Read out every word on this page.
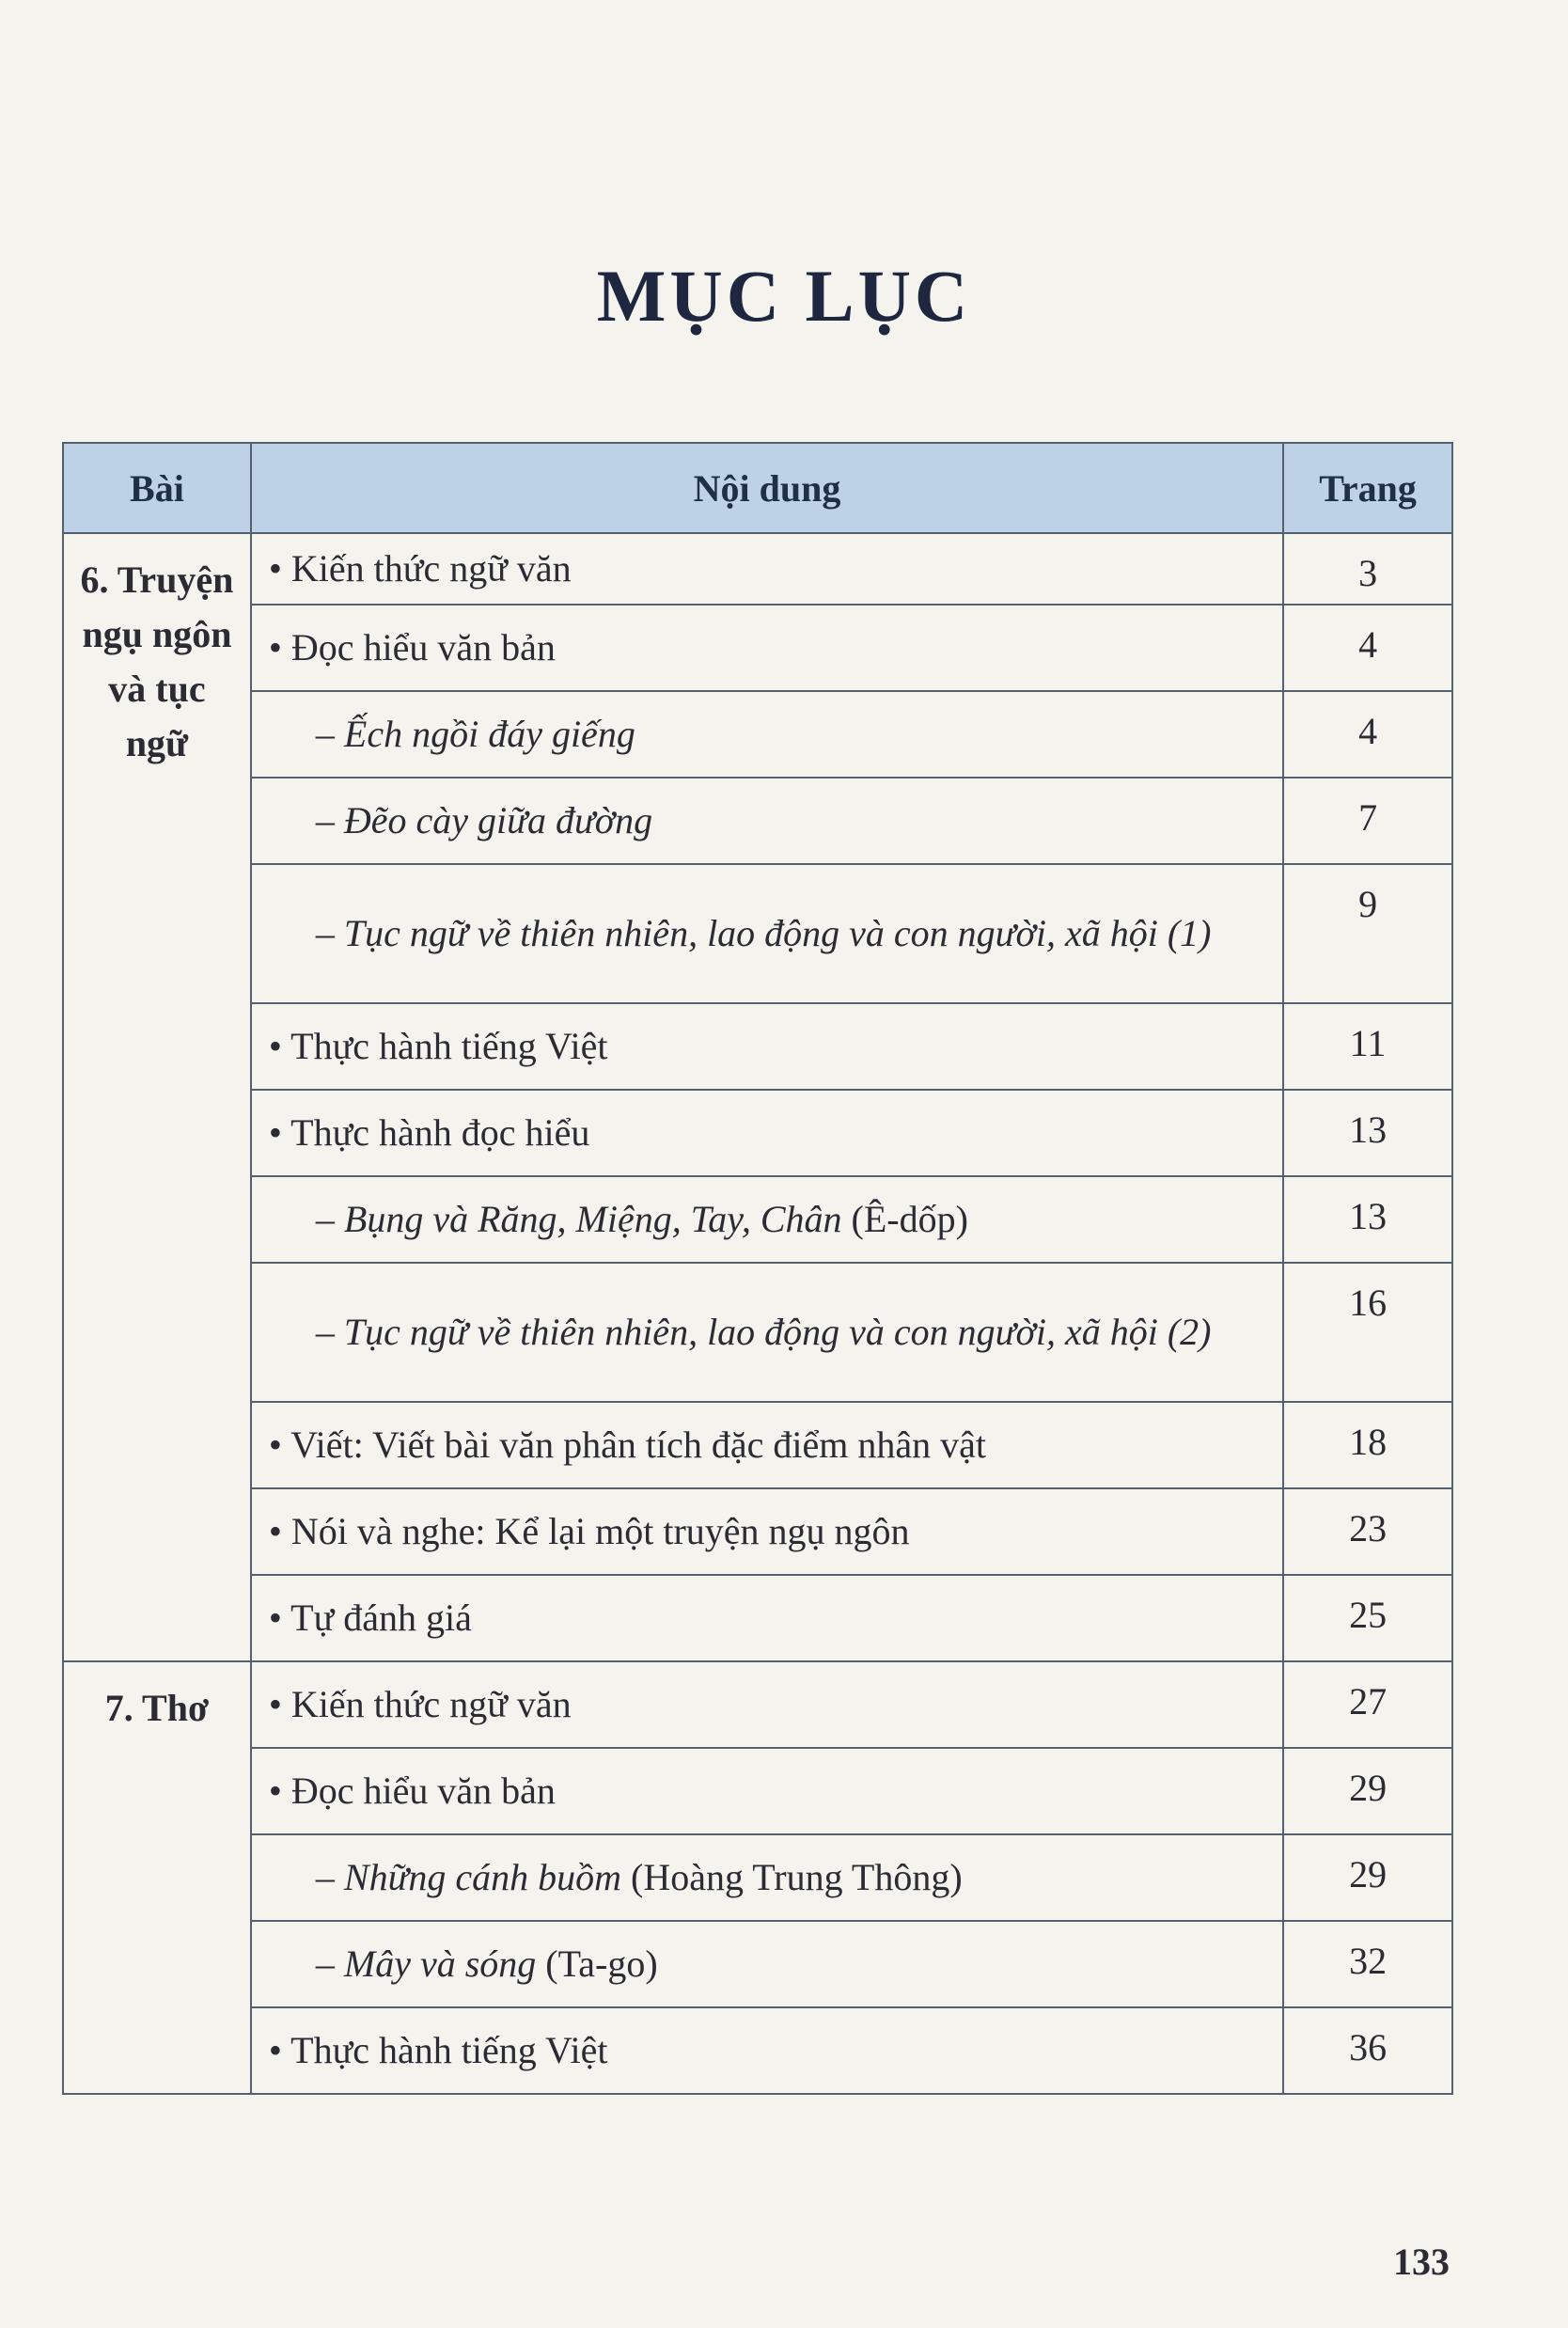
MỤC LỤC
Bài	Nội dung	Trang
6. Truyện ngụ ngôn và tục ngữ	• Kiến thức ngữ văn	3
	• Đọc hiểu văn bản	4
	– Ếch ngồi đáy giếng	4
	– Đẽo cày giữa đường	7
	– Tục ngữ về thiên nhiên, lao động và con người, xã hội (1)	9
	• Thực hành tiếng Việt	11
	• Thực hành đọc hiểu	13
	– Bụng và Răng, Miệng, Tay, Chân (Ê-dốp)	13
	– Tục ngữ về thiên nhiên, lao động và con người, xã hội (2)	16
	• Viết: Viết bài văn phân tích đặc điểm nhân vật	18
	• Nói và nghe: Kể lại một truyện ngụ ngôn	23
	• Tự đánh giá	25
7. Thơ	• Kiến thức ngữ văn	27
	• Đọc hiểu văn bản	29
	– Những cánh buồm (Hoàng Trung Thông)	29
	– Mây và sóng (Ta-go)	32
	• Thực hành tiếng Việt	36
133
